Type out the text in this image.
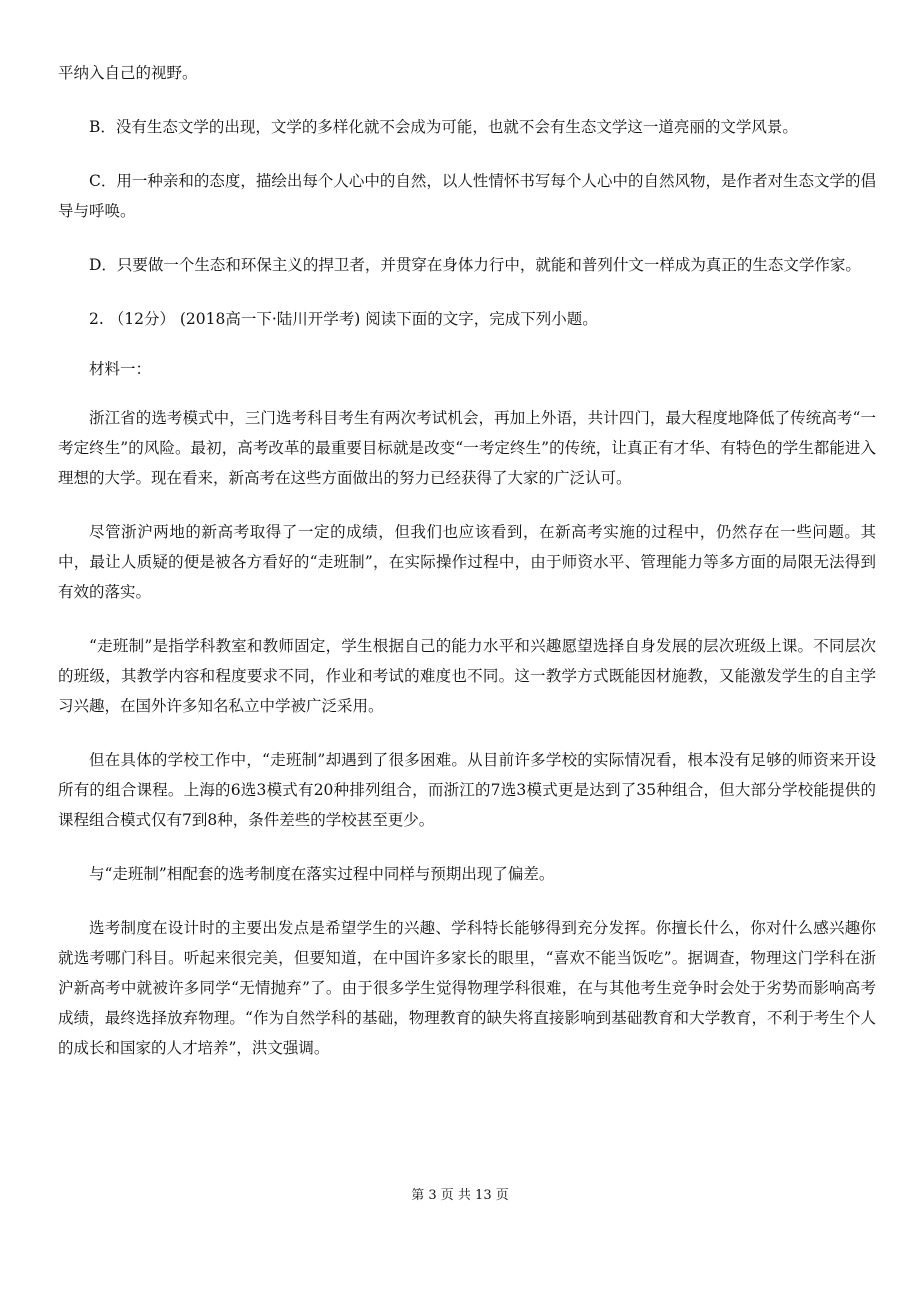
平纳入自己的视野。

B．没有生态文学的出现，文学的多样化就不会成为可能，也就不会有生态文学这一道亮丽的文学风景。

C．用一种亲和的态度，描绘出每个人心中的自然，以人性情怀书写每个人心中的自然风物，是作者对生态文学的倡导与呼唤。

D．只要做一个生态和环保主义的捍卫者，并贯穿在身体力行中，就能和普列什文一样成为真正的生态文学作家。

2. （12分） (2018高一下·陆川开学考) 阅读下面的文字，完成下列小题。

材料一：

浙江省的选考模式中，三门选考科目考生有两次考试机会，再加上外语，共计四门，最大程度地降低了传统高考“一考定终生”的风险。最初，高考改革的最重要目标就是改变“一考定终生”的传统，让真正有才华、有特色的学生都能进入理想的大学。现在看来，新高考在这些方面做出的努力已经获得了大家的广泛认可。

尽管浙沪两地的新高考取得了一定的成绩，但我们也应该看到，在新高考实施的过程中，仍然存在一些问题。其中，最让人质疑的便是被各方看好的“走班制”，在实际操作过程中，由于师资水平、管理能力等多方面的局限无法得到有效的落实。

“走班制”是指学科教室和教师固定，学生根据自己的能力水平和兴趣愿望选择自身发展的层次班级上课。不同层次的班级，其教学内容和程度要求不同，作业和考试的难度也不同。这一教学方式既能因材施教，又能激发学生的自主学习兴趣，在国外许多知名私立中学被广泛采用。

但在具体的学校工作中，“走班制”却遇到了很多困难。从目前许多学校的实际情况看，根本没有足够的师资来开设所有的组合课程。上海的6选3模式有20种排列组合，而浙江的7选3模式更是达到了35种组合，但大部分学校能提供的课程组合模式仅有7到8种，条件差些的学校甚至更少。

与“走班制”相配套的选考制度在落实过程中同样与预期出现了偏差。

选考制度在设计时的主要出发点是希望学生的兴趣、学科特长能够得到充分发挥。你擅长什么，你对什么感兴趣你就选考哪门科目。听起来很完美，但要知道，在中国许多家长的眼里，“喜欢不能当饭吃”。据调查，物理这门学科在浙沪新高考中就被许多同学“无情抛弃”了。由于很多学生觉得物理学科很难，在与其他考生竞争时会处于劣势而影响高考成绩，最终选择放弃物理。“作为自然学科的基础，物理教育的缺失将直接影响到基础教育和大学教育，不利于考生个人的成长和国家的人才培养”，洪文强调。

第 3 页 共 13 页
